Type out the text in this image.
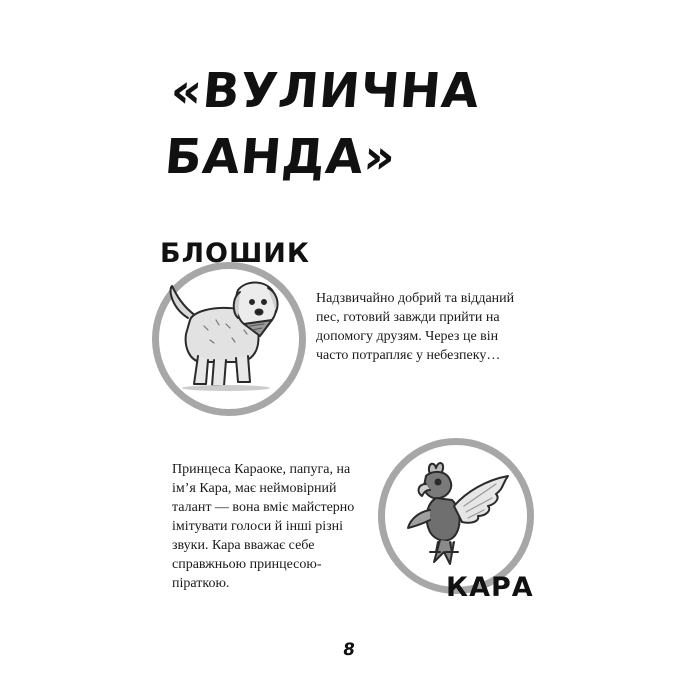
«ВУЛИЧНА
БАНДА»

БЛОШИК

Надзвичайно добрий та відданий пес, готовий завжди прийти на допомогу друзям. Через це він часто потрапляє у небезпеку…

Принцеса Караоке, папуга, на ім’я Кара, має неймовірний талант — вона вміє майстерно імітувати голоси й інші різні звуки. Кара вважає себе справжньою принцесою-піраткою.	КАРА

8
